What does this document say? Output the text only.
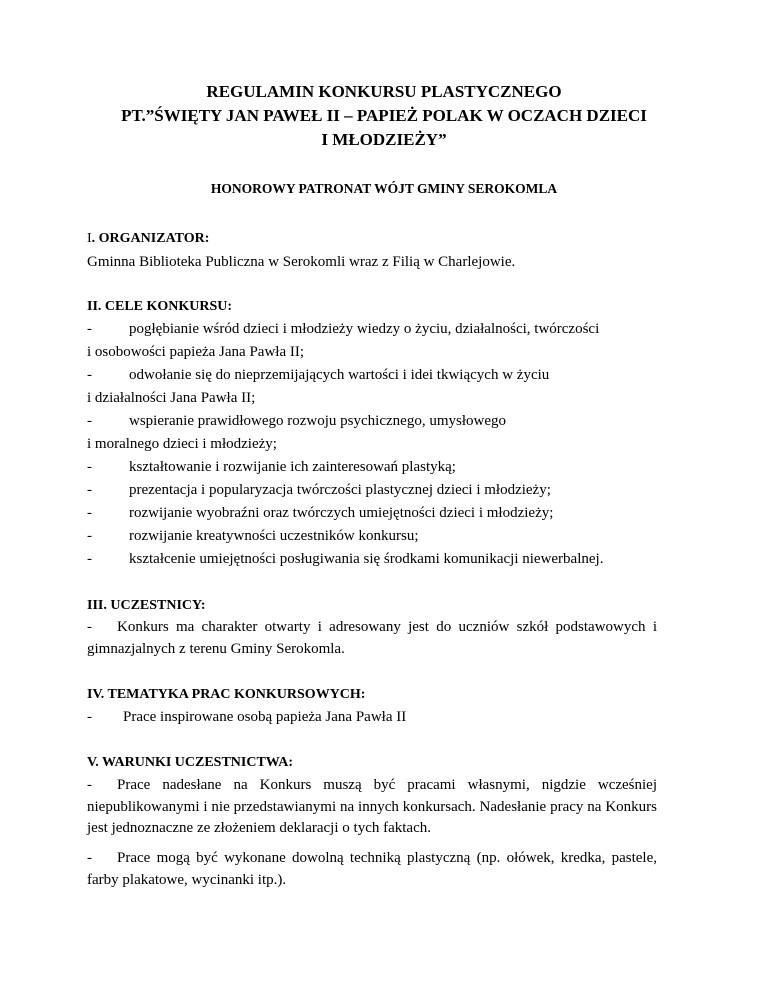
REGULAMIN KONKURSU PLASTYCZNEGO
PT.”ŚWIĘTY JAN PAWEŁ II – PAPIEŻ POLAK W OCZACH DZIECI
I MŁODZIEŻY”
HONOROWY PATRONAT WÓJT GMINY SEROKOMLA
I. ORGANIZATOR:
Gminna Biblioteka Publiczna w Serokomli wraz z Filią w Charlejowie.
II. CELE KONKURSU:
-	pogłębianie wśród dzieci i młodzieży wiedzy o życiu, działalności, twórczości
i osobowości papieża Jana Pawła II;
-	odwołanie się do nieprzemijających wartości i idei tkwiących w życiu
i działalności Jana Pawła II;
-	wspieranie prawidłowego rozwoju psychicznego, umysłowego
i moralnego dzieci i młodzieży;
-	kształtowanie i rozwijanie ich zainteresowań plastyką;
-	prezentacja i popularyzacja twórczości plastycznej dzieci i młodzieży;
-	rozwijanie wyobraźni oraz twórczych umiejętności dzieci i młodzieży;
-	rozwijanie kreatywności uczestników konkursu;
-	kształcenie umiejętności posługiwania się środkami komunikacji niewerbalnej.
III. UCZESTNICY:
- Konkurs ma charakter otwarty i adresowany jest do uczniów szkół podstawowych i gimnazjalnych z terenu Gminy Serokomla.
IV. TEMATYKA PRAC KONKURSOWYCH:
-	Prace inspirowane osobą papieża Jana Pawła II
V. WARUNKI UCZESTNICTWA:
- Prace nadesłane na Konkurs muszą być pracami własnymi, nigdzie wcześniej niepublikowanymi i nie przedstawianymi na innych konkursach. Nadesłanie pracy na Konkurs jest jednoznaczne ze złożeniem deklaracji o tych faktach.
- Prace mogą być wykonane dowolną techniką plastyczną (np. ołówek, kredka, pastele, farby plakatowe, wycinanki itp.).
